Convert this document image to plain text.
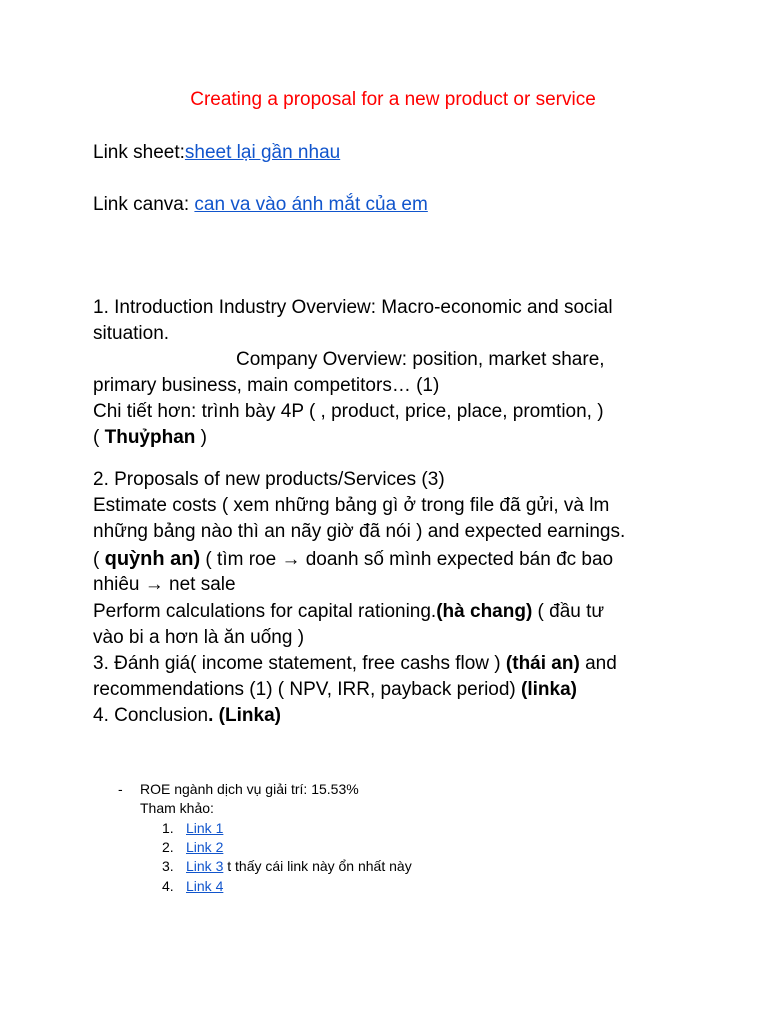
Creating a proposal for a new product or service
Link sheet:sheet lại gần nhau
Link canva: can va vào ánh mắt của em
1. Introduction Industry Overview: Macro-economic and social
situation.
Company Overview: position, market share,
primary business, main competitors… (1)
Chi tiết hơn: trình bày 4P ( , product, price, place, promtion, )
( Thuỷphan )
2. Proposals of new products/Services (3)
Estimate costs ( xem những bảng gì ở trong file đã gửi, và lm
những bảng nào thì an nãy giờ đã nói ) and expected earnings.
( quỳnh an) ( tìm roe → doanh số mình expected bán đc bao
nhiêu → net sale
Perform calculations for capital rationing.(hà chang) ( đầu tư
vào bi a hơn là ăn uống )
3. Đánh giá( income statement, free cashs flow ) (thái an) and
recommendations (1) ( NPV, IRR, payback period) (linka)
4. Conclusion. (Linka)
- ROE ngành dịch vụ giải trí: 15.53%
Tham khảo:
1. Link 1
2. Link 2
3. Link 3 t thấy cái link này ổn nhất này
4. Link 4
